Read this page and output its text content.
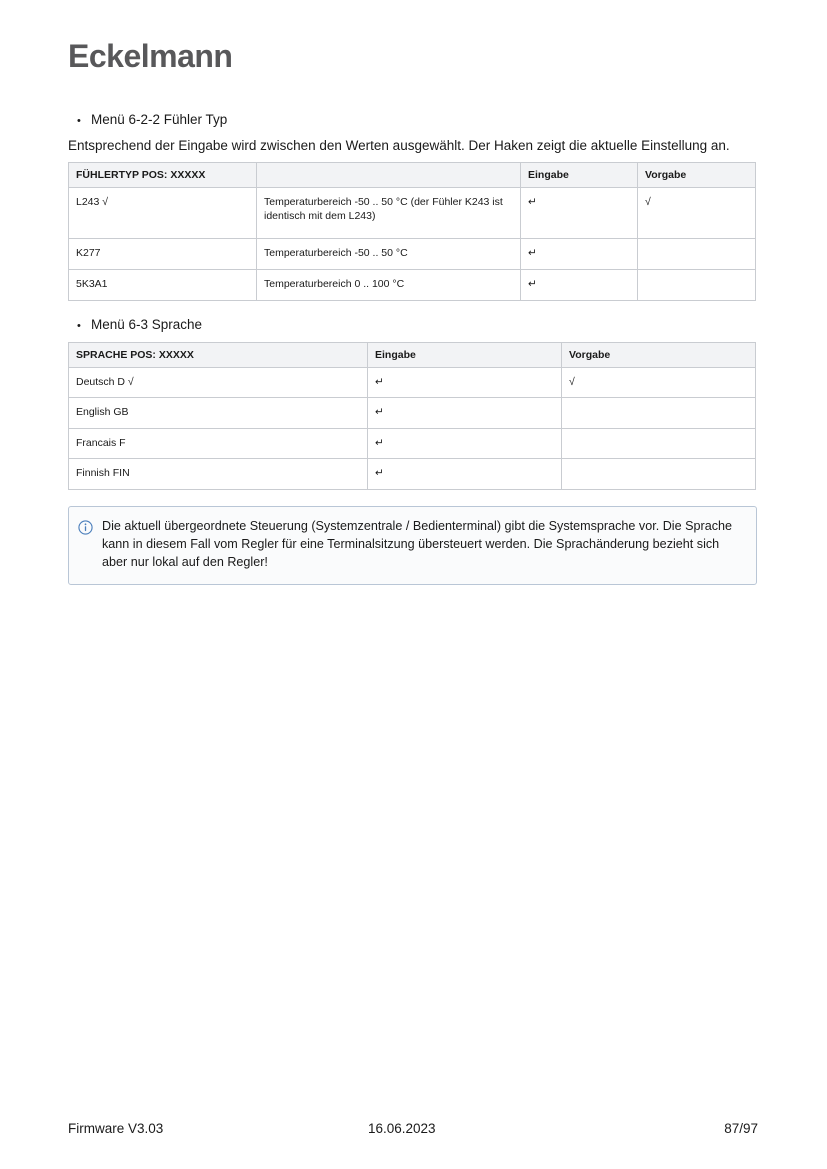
Eckelmann
• Menü 6-2-2 Fühler Typ

Entsprechend der Eingabe wird zwischen den Werten ausgewählt. Der Haken zeigt die aktuelle Einstellung an.

FÜHLERTYP POS: XXXXX		Eingabe	Vorgabe
L243 √	Temperaturbereich -50 .. 50 °C (der Fühler K243 ist identisch mit dem L243)	↵	√
K277	Temperaturbereich -50 .. 50 °C	↵	
5K3A1	Temperaturbereich 0 .. 100 °C	↵	
• Menü 6-3 Sprache
SPRACHE POS: XXXXX	Eingabe	Vorgabe
Deutsch D √	↵	√
English GB	↵	
Francais F	↵	
Finnish FIN	↵	
Die aktuell übergeordnete Steuerung (Systemzentrale / Bedienterminal) gibt die Systemsprache vor. Die Sprache kann in diesem Fall vom Regler für eine Terminalsitzung übersteuert werden. Die Sprachänderung bezieht sich aber nur lokal auf den Regler!
Firmware V3.03	16.06.2023	87/97
